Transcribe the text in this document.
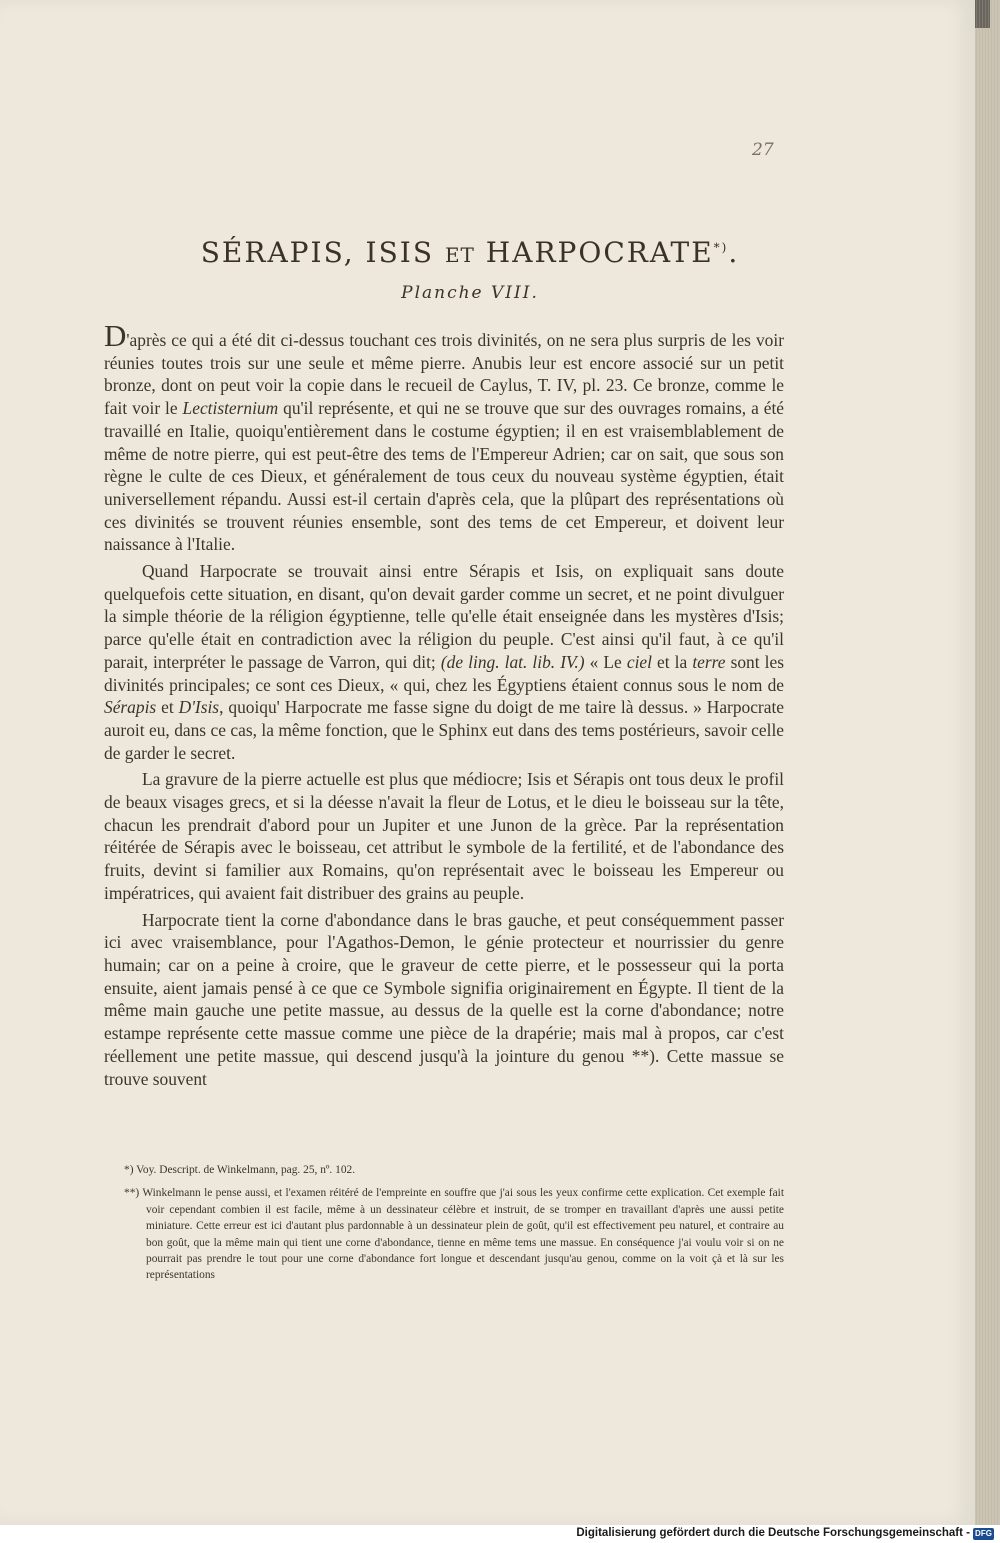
27
SÉRAPIS, ISIS ET HARPOCRATE*).
Planche VIII.

D'après ce qui a été dit ci-dessus touchant ces trois divinités, on ne sera plus surpris de les voir réunies toutes trois sur une seule et même pierre. Anubis leur est encore associé sur un petit bronze, dont on peut voir la copie dans le recueil de Caylus, T. IV, pl. 23. Ce bronze, comme le fait voir le Lectisternium qu'il représente, et qui ne se trouve que sur des ouvrages romains, a été travaillé en Italie, quoiqu'entièrement dans le costume égyptien; il en est vraisemblablement de même de notre pierre, qui est peut-être des tems de l'Empereur Adrien; car on sait, que sous son règne le culte de ces Dieux, et généralement de tous ceux du nouveau système égyptien, était universellement répandu. Aussi est-il certain d'après cela, que la plûpart des représentations où ces divinités se trouvent réunies ensemble, sont des tems de cet Empereur, et doivent leur naissance à l'Italie.

Quand Harpocrate se trouvait ainsi entre Sérapis et Isis, on expliquait sans doute quelquefois cette situation, en disant, qu'on devait garder comme un secret, et ne point divulguer la simple théorie de la réligion égyptienne, telle qu'elle était enseignée dans les mystères d'Isis; parce qu'elle était en contradiction avec la réligion du peuple. C'est ainsi qu'il faut, à ce qu'il parait, interpréter le passage de Varron, qui dit; (de ling. lat. lib. IV.) « Le ciel et la terre sont les divinités principales; ce sont ces Dieux, « qui, chez les Égyptiens étaient connus sous le nom de Sérapis et D'Isis, quoiqu' Harpocrate me fasse signe du doigt de me taire là dessus. » Harpocrate auroit eu, dans ce cas, la même fonction, que le Sphinx eut dans des tems postérieurs, savoir celle de garder le secret.

La gravure de la pierre actuelle est plus que médiocre; Isis et Sérapis ont tous deux le profil de beaux visages grecs, et si la déesse n'avait la fleur de Lotus, et le dieu le boisseau sur la tête, chacun les prendrait d'abord pour un Jupiter et une Junon de la grèce. Par la représentation réitérée de Sérapis avec le boisseau, cet attribut le symbole de la fertilité, et de l'abondance des fruits, devint si familier aux Romains, qu'on représentait avec le boisseau les Empereur ou impératrices, qui avaient fait distribuer des grains au peuple.

Harpocrate tient la corne d'abondance dans le bras gauche, et peut conséquemment passer ici avec vraisemblance, pour l'Agathos-Demon, le génie protecteur et nourrissier du genre humain; car on a peine à croire, que le graveur de cette pierre, et le possesseur qui la porta ensuite, aient jamais pensé à ce que ce Symbole signifia originairement en Égypte. Il tient de la même main gauche une petite massue, au dessus de la quelle est la corne d'abondance; notre estampe représente cette massue comme une pièce de la drapérie; mais mal à propos, car c'est réellement une petite massue, qui descend jusqu'à la jointure du genou **). Cette massue se trouve souvent

*) Voy. Descript. de Winkelmann, pag. 25, nº. 102.

**) Winkelmann le pense aussi, et l'examen réitéré de l'empreinte en souffre que j'ai sous les yeux confirme cette explication. Cet exemple fait voir cependant combien il est facile, même à un dessinateur célèbre et instruit, de se tromper en travaillant d'après une aussi petite miniature. Cette erreur est ici d'autant plus pardonnable à un dessinateur plein de goût, qu'il est effectivement peu naturel, et contraire au bon goût, que la même main qui tient une corne d'abondance, tienne en même tems une massue. En conséquence j'ai voulu voir si on ne pourrait pas prendre le tout pour une corne d'abondance fort longue et descendant jusqu'au genou, comme on la voit çà et là sur les représentations

Digitalisierung gefördert durch die Deutsche Forschungsgemeinschaft - DFG
